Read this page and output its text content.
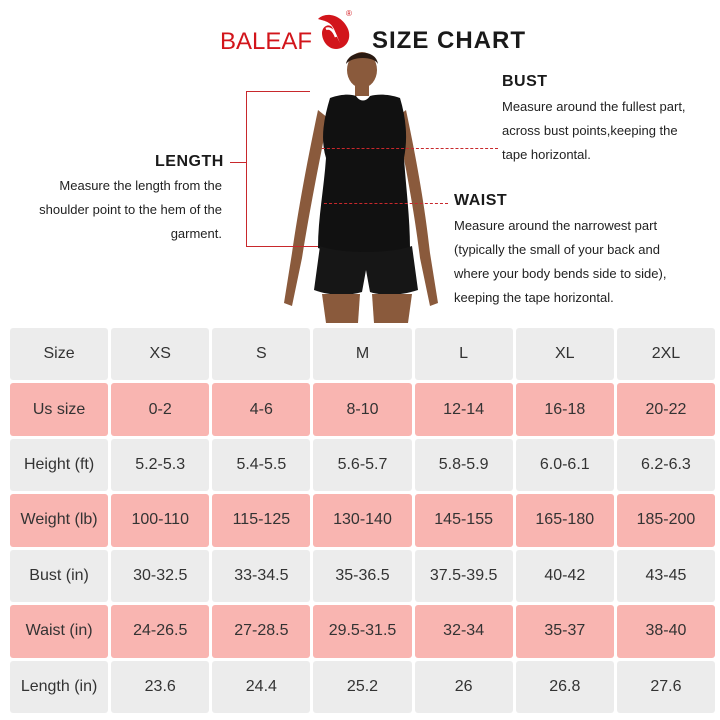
BALEAF
®
SIZE CHART
BUST
Measure around the fullest part,
across bust points,keeping the
tape horizontal.
LENGTH
Measure the length from the
shoulder point to the hem of the
garment.
WAIST
Measure around the narrowest part
(typically the small of your back and
where your body bends side to side),
keeping the tape horizontal.
Size	XS	S	M	L	XL	2XL
Us size	0-2	4-6	8-10	12-14	16-18	20-22
Height (ft)	5.2-5.3	5.4-5.5	5.6-5.7	5.8-5.9	6.0-6.1	6.2-6.3
Weight (lb)	100-110	115-125	130-140	145-155	165-180	185-200
Bust (in)	30-32.5	33-34.5	35-36.5	37.5-39.5	40-42	43-45
Waist (in)	24-26.5	27-28.5	29.5-31.5	32-34	35-37	38-40
Length (in)	23.6	24.4	25.2	26	26.8	27.6
